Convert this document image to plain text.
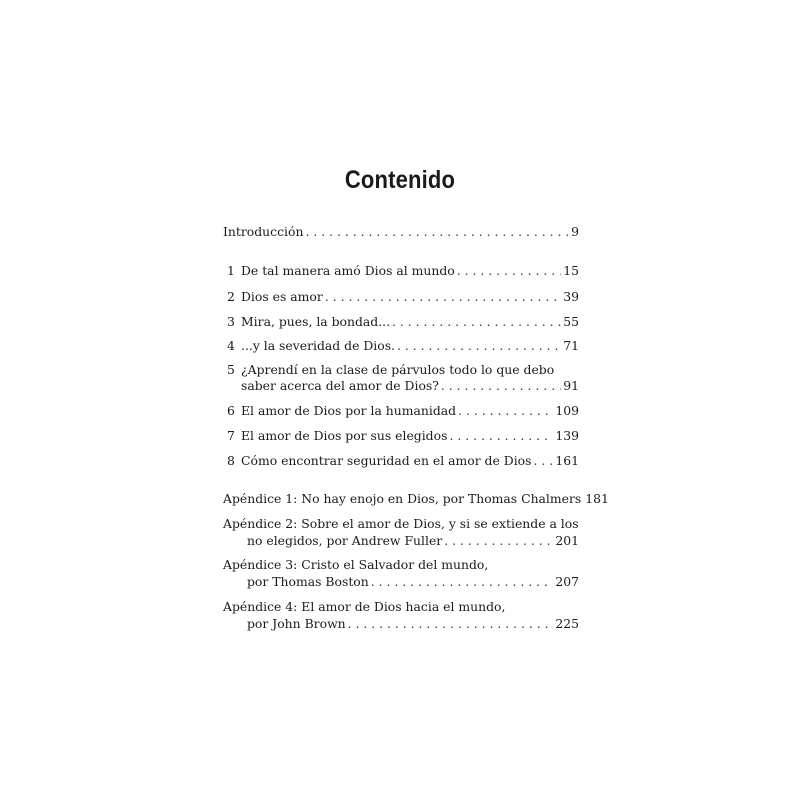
Contenido
Introducción . . .	9
1 De tal manera amó Dios al mundo . . .	15
2 Dios es amor . . .	39
3 Mira, pues, la bondad... . . .	55
4 ...y la severidad de Dios. . . .	71
5 ¿Aprendí en la clase de párvulos todo lo que debo
saber acerca del amor de Dios? . . .	91
6 El amor de Dios por la humanidad . . .	109
7 El amor de Dios por sus elegidos . . .	139
8 Cómo encontrar seguridad en el amor de Dios . . . 161
Apéndice 1: No hay enojo en Dios, por Thomas Chalmers 181
Apéndice 2: Sobre el amor de Dios, y si se extiende a los
no elegidos, por Andrew Fuller . . .	201
Apéndice 3: Cristo el Salvador del mundo,
por Thomas Boston . . .	207
Apéndice 4: El amor de Dios hacia el mundo,
por John Brown . . .	225
